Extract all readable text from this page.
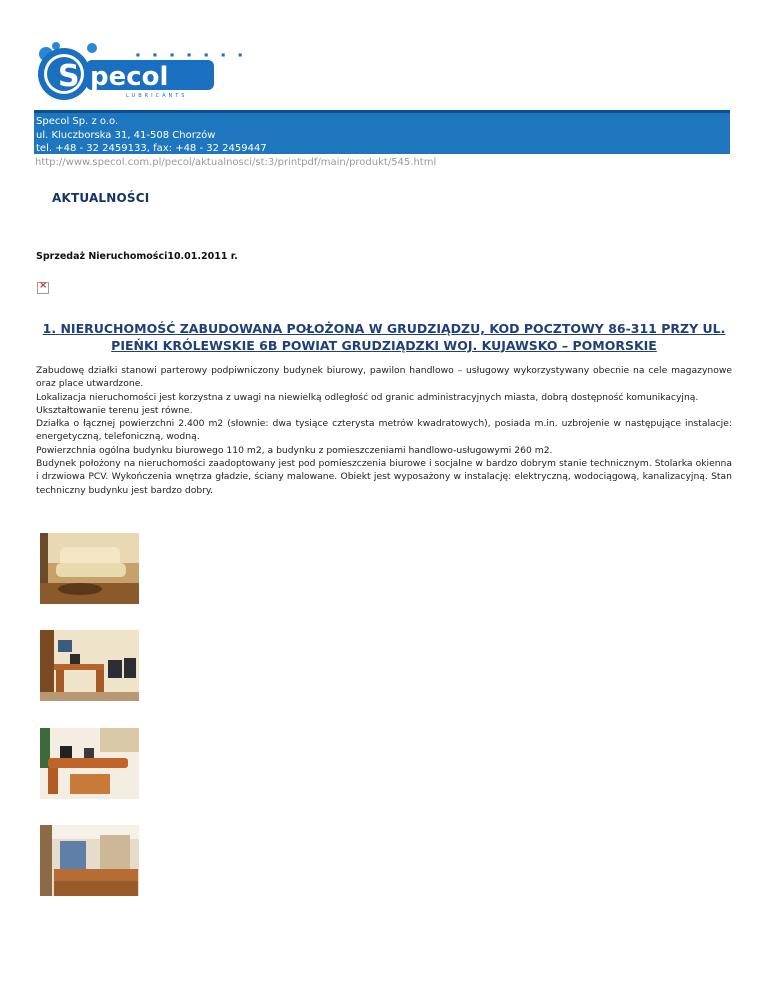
S pecol
■ ■ ■ ■ ■ ■ ■
LUBRICANTS
Specol Sp. z o.o.
ul. Kluczborska 31, 41-508 Chorzów
tel. +48 - 32 2459133, fax: +48 - 32 2459447
http://www.specol.com.pl/pecol/aktualnosci/st:3/printpdf/main/produkt/545.html
AKTUALNOŚCI
Sprzedaż Nieruchomości10.01.2011 r.
×
1. NIERUCHOMOŚĆ ZABUDOWANA POŁOŻONA W GRUDZIĄDZU, KOD POCZTOWY 86-311 PRZY UL.
PIEŃKI KRÓLEWSKIE 6B POWIAT GRUDZIĄDZKI WOJ. KUJAWSKO – POMORSKIE

Zabudowę działki stanowi parterowy podpiwniczony budynek biurowy, pawilon handlowo – usługowy wykorzystywany obecnie na cele magazynowe oraz place utwardzone.

Lokalizacja nieruchomości jest korzystna z uwagi na niewielką odległość od granic administracyjnych miasta, dobrą dostępność komunikacyjną.

Ukształtowanie terenu jest równe.

Działka o łącznej powierzchni 2.400 m2 (słownie: dwa tysiące czterysta metrów kwadratowych), posiada m.in. uzbrojenie w następujące instalacje: energetyczną, telefoniczną, wodną.

Powierzchnia ogólna budynku biurowego 110 m2, a budynku z pomieszczeniami handlowo-usługowymi 260 m2.

Budynek położony na nieruchomości zaadoptowany jest pod pomieszczenia biurowe i socjalne w bardzo dobrym stanie technicznym. Stolarka okienna i drzwiowa PCV. Wykończenia wnętrza gładzie, ściany malowane. Obiekt jest wyposażony w instalację: elektryczną, wodociągową, kanalizacyjną. Stan techniczny budynku jest bardzo dobry.
